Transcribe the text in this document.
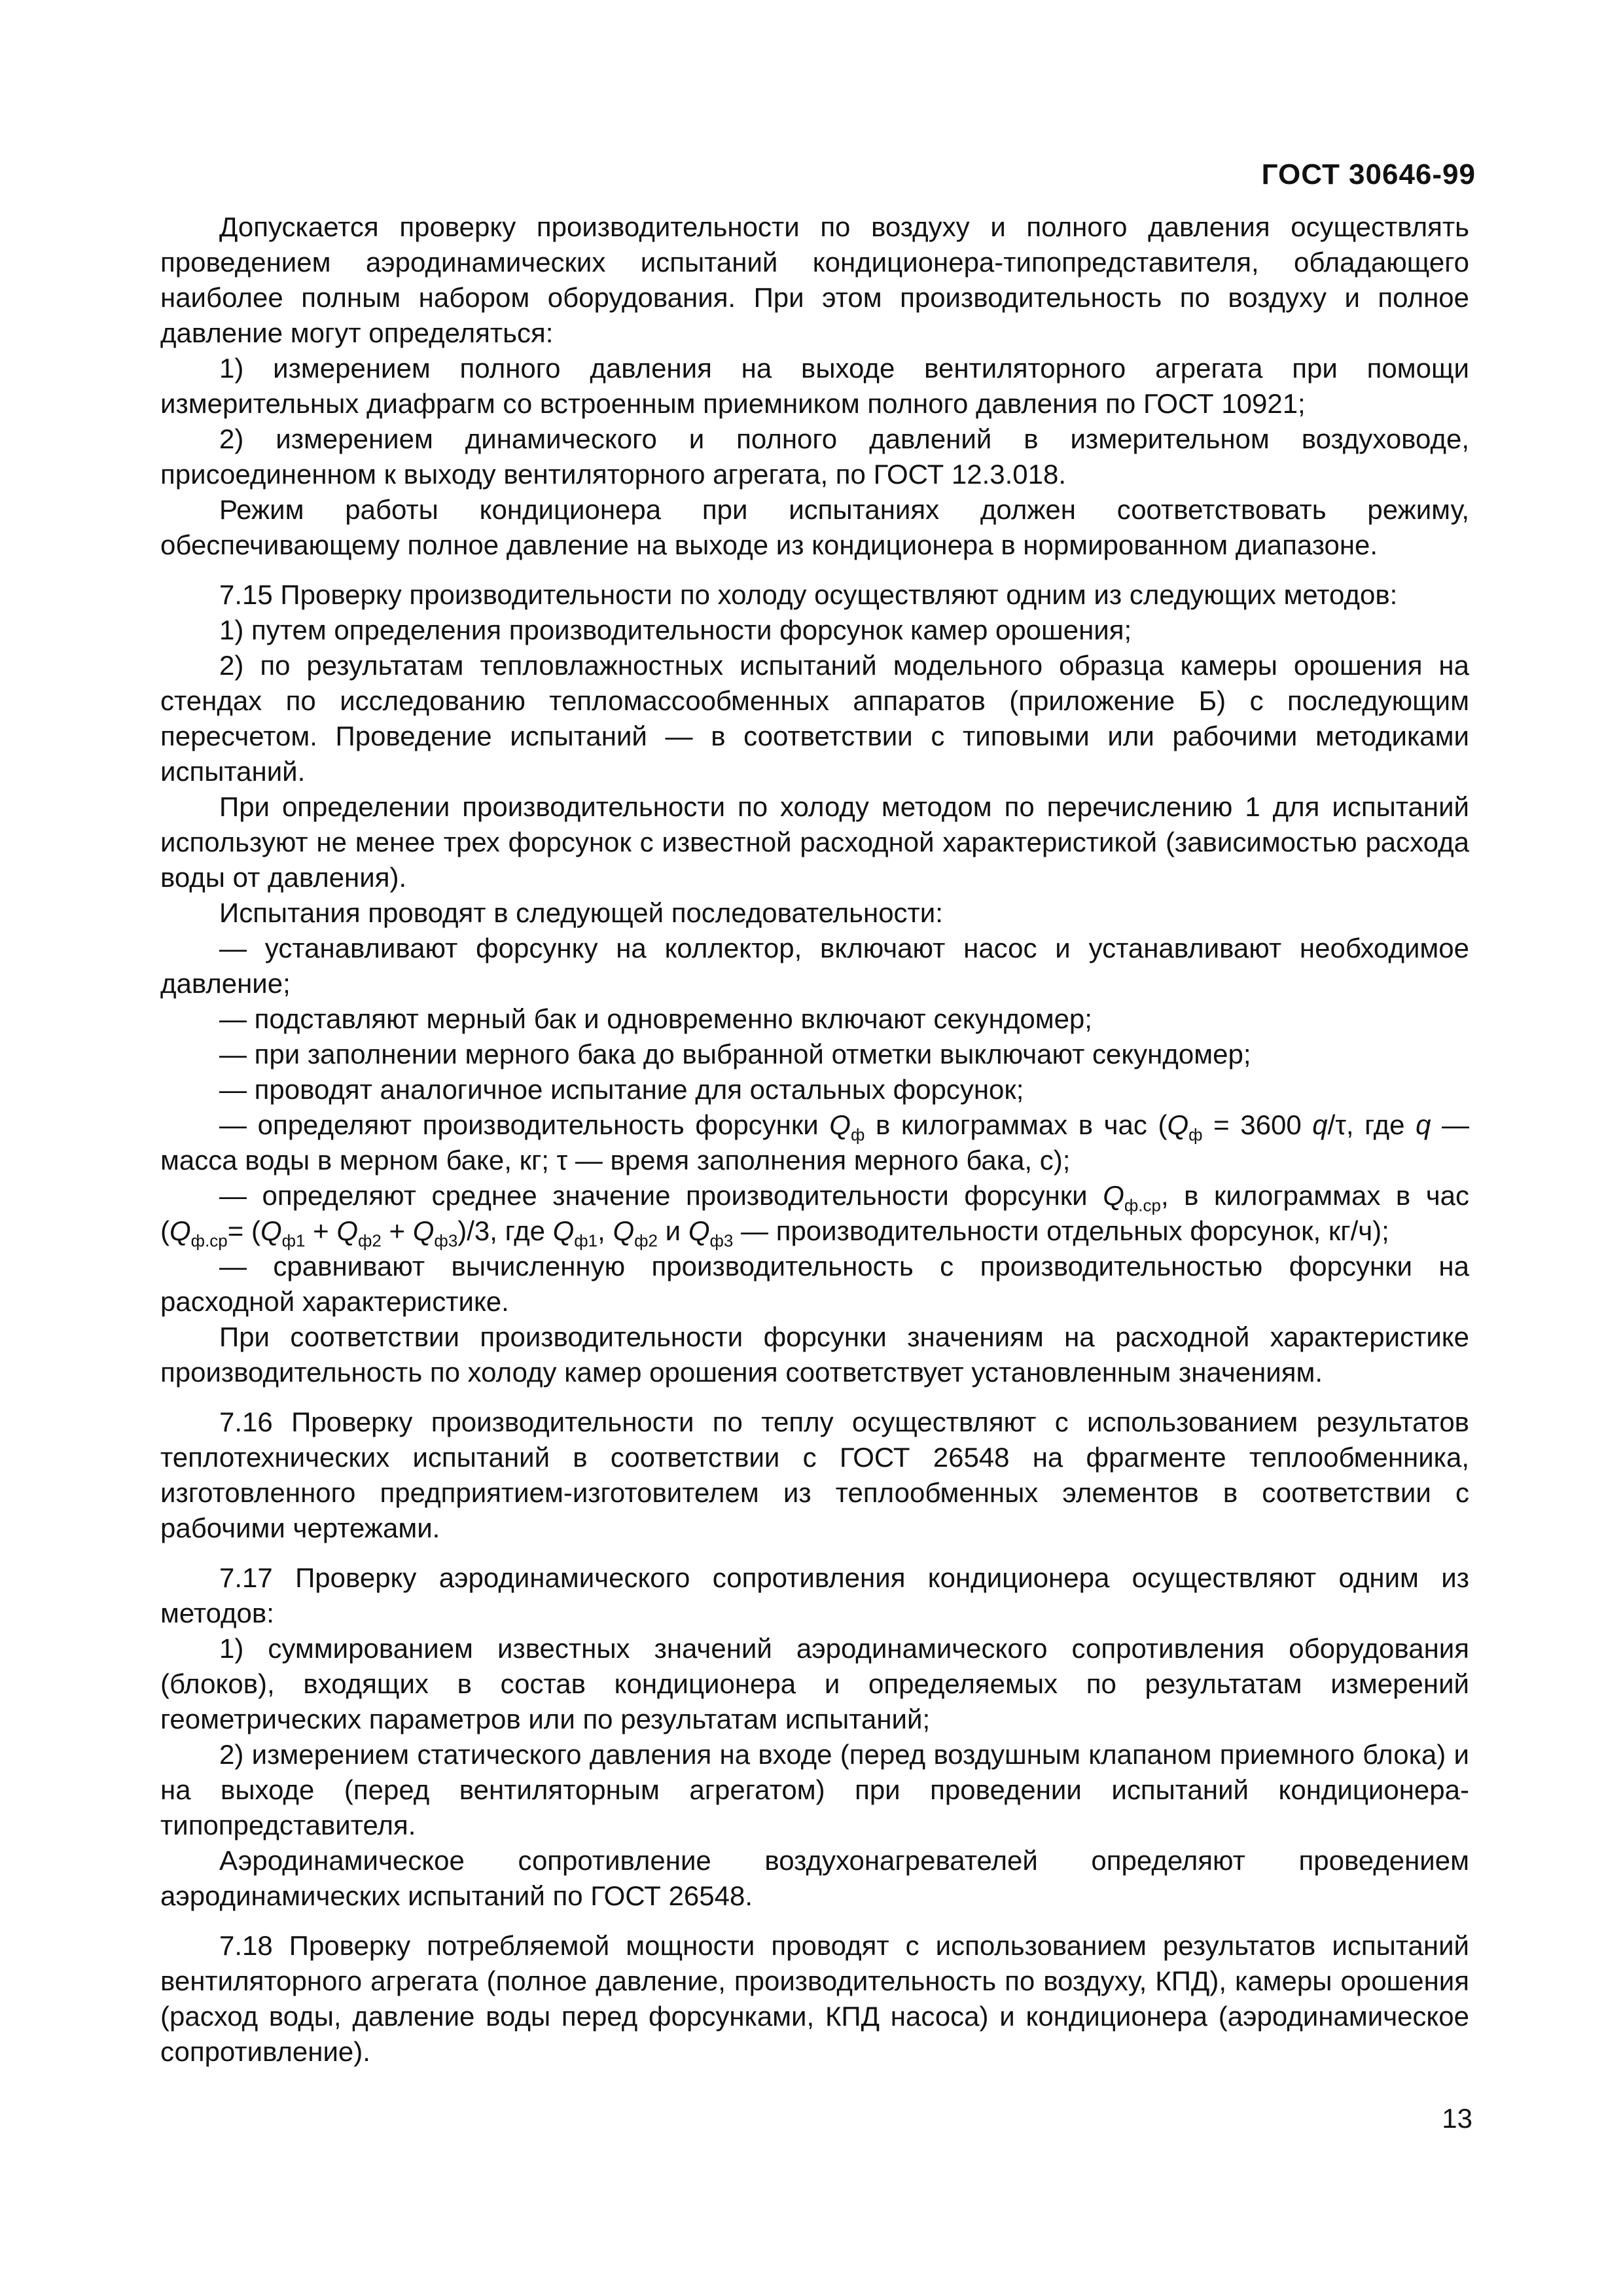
ГОСТ 30646-99

Допускается проверку производительности по воздуху и полного давления осуществлять проведением аэродинамических испытаний кондиционера-типопредставителя, обладающего наиболее полным набором оборудования. При этом производительность по воздуху и полное давление могут определяться:

1) измерением полного давления на выходе вентиляторного агрегата при помощи измерительных диафрагм со встроенным приемником полного давления по ГОСТ 10921;

2) измерением динамического и полного давлений в измерительном воздуховоде, присоединенном к выходу вентиляторного агрегата, по ГОСТ 12.3.018.

Режим работы кондиционера при испытаниях должен соответствовать режиму, обеспечивающему полное давление на выходе из кондиционера в нормированном диапазоне.

7.15 Проверку производительности по холоду осуществляют одним из следующих методов:

1) путем определения производительности форсунок камер орошения;

2) по результатам тепловлажностных испытаний модельного образца камеры орошения на стендах по исследованию тепломассообменных аппаратов (приложение Б) с последующим пересчетом. Проведение испытаний — в соответствии с типовыми или рабочими методиками испытаний.

При определении производительности по холоду методом по перечислению 1 для испытаний используют не менее трех форсунок с известной расходной характеристикой (зависимостью расхода воды от давления).

Испытания проводят в следующей последовательности:

— устанавливают форсунку на коллектор, включают насос и устанавливают необходимое давление;

— подставляют мерный бак и одновременно включают секундомер;

— при заполнении мерного бака до выбранной отметки выключают секундомер;

— проводят аналогичное испытание для остальных форсунок;

— определяют производительность форсунки $Q_ф$ в килограммах в час ($Q_ф = 3600$ q/τ, где q — масса воды в мерном баке, кг; τ — время заполнения мерного бака, с);

— определяют среднее значение производительности форсунки $Q_{ф.ср}$, в килограммах в час ($Q_{ф.ср}= (Q_{ф1} + Q_{ф2} + Q_{ф3})/3$, где $Q_{ф1}$, $Q_{ф2}$ и $Q_{ф3}$ — производительности отдельных форсунок, кг/ч);

— сравнивают вычисленную производительность с производительностью форсунки на расходной характеристике.

При соответствии производительности форсунки значениям на расходной характеристике производительность по холоду камер орошения соответствует установленным значениям.

7.16 Проверку производительности по теплу осуществляют с использованием результатов теплотехнических испытаний в соответствии с ГОСТ 26548 на фрагменте теплообменника, изготовленного предприятием-изготовителем из теплообменных элементов в соответствии с рабочими чертежами.

7.17 Проверку аэродинамического сопротивления кондиционера осуществляют одним из методов:

1) суммированием известных значений аэродинамического сопротивления оборудования (блоков), входящих в состав кондиционера и определяемых по результатам измерений геометрических параметров или по результатам испытаний;

2) измерением статического давления на входе (перед воздушным клапаном приемного блока) и на выходе (перед вентиляторным агрегатом) при проведении испытаний кондиционера-типопредставителя.

Аэродинамическое сопротивление воздухонагревателей определяют проведением аэродинамических испытаний по ГОСТ 26548.

7.18 Проверку потребляемой мощности проводят с использованием результатов испытаний вентиляторного агрегата (полное давление, производительность по воздуху, КПД), камеры орошения (расход воды, давление воды перед форсунками, КПД насоса) и кондиционера (аэродинамическое сопротивление).

13
